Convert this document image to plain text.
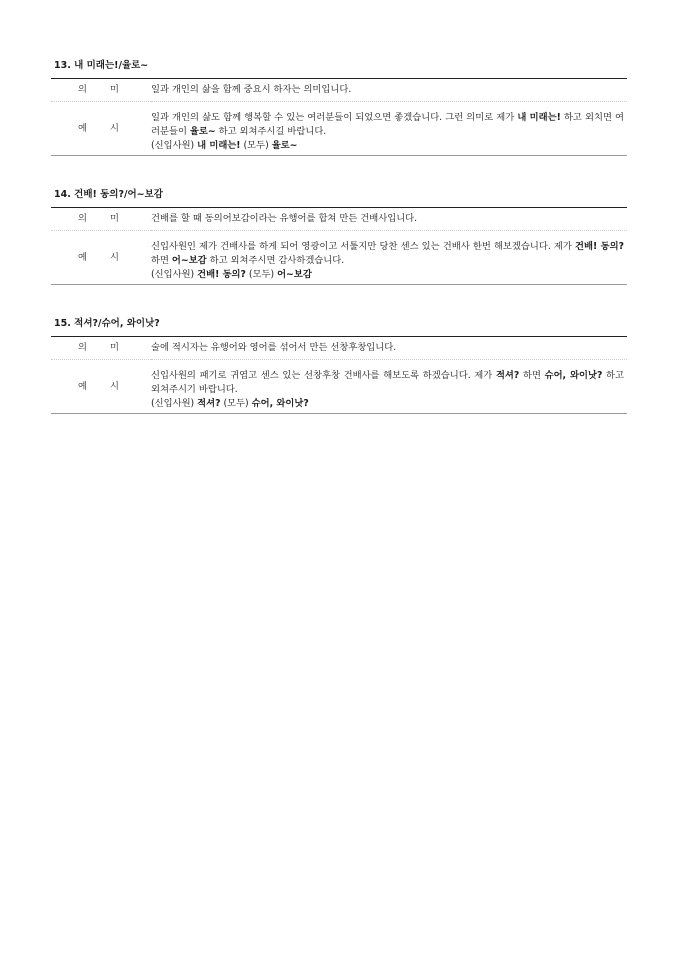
13. 내 미래는!/율로~
의 미	일과 개인의 삶을 함께 중요시 하자는 의미입니다.
예 시	일과 개인의 삶도 함께 행복할 수 있는 여러분들이 되었으면 좋겠습니다. 그런 의미로 제가 내 미래는! 하고 외치면 여러분들이 율로~ 하고 외쳐주시길 바랍니다.
(신입사원) 내 미래는! (모두) 율로~
14. 건배! 동의?/어~보감
의 미	건배를 할 때 동의어보감이라는 유행어를 합쳐 만든 건배사입니다.
예 시	신입사원인 제가 건배사를 하게 되어 영광이고 서툴지만 당찬 센스 있는 건배사 한번 해보겠습니다. 제가 건배! 동의? 하면 어~보감 하고 외쳐주시면 감사하겠습니다.
(신입사원) 건배! 동의? (모두) 어~보감
15. 적셔?/슈어, 와이낫?
의 미	술에 적시자는 유행어와 영어를 섞어서 만든 선창후창입니다.
예 시	신입사원의 패기로 귀엽고 센스 있는 선창후창 건배사를 해보도록 하겠습니다. 제가 적셔? 하면 슈어, 와이낫? 하고 외쳐주시기 바랍니다.
(신입사원) 적셔? (모두) 슈어, 와이낫?
